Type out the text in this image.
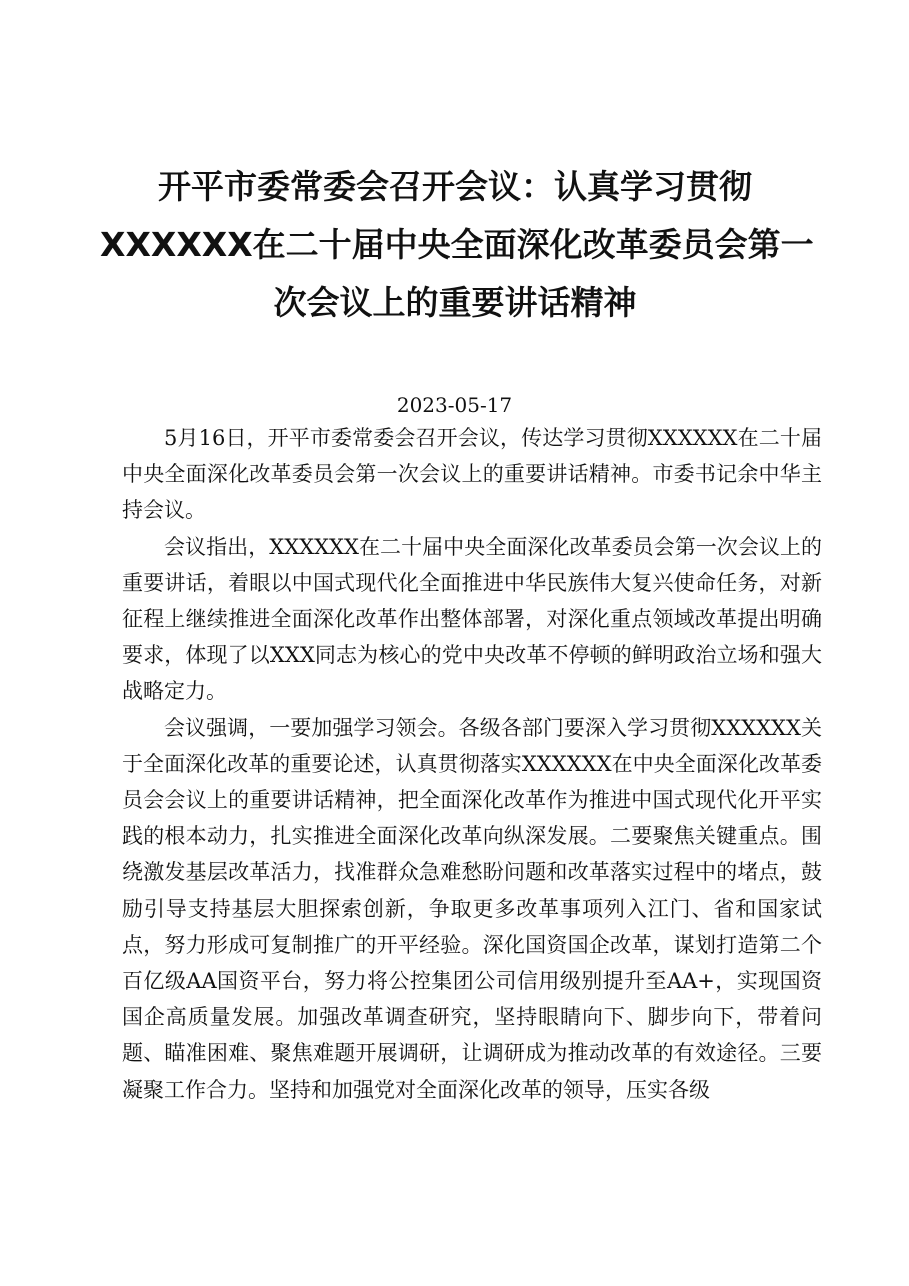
开平市委常委会召开会议：认真学习贯彻
XXXXXX在二十届中央全面深化改革委员会第一
次会议上的重要讲话精神
2023-05-17

5月16日，开平市委常委会召开会议，传达学习贯彻XXXXXX在二十届中央全面深化改革委员会第一次会议上的重要讲话精神。市委书记余中华主持会议。

会议指出，XXXXXX在二十届中央全面深化改革委员会第一次会议上的重要讲话，着眼以中国式现代化全面推进中华民族伟大复兴使命任务，对新征程上继续推进全面深化改革作出整体部署，对深化重点领域改革提出明确要求，体现了以XXX同志为核心的党中央改革不停顿的鲜明政治立场和强大战略定力。

会议强调，一要加强学习领会。各级各部门要深入学习贯彻XXXXXX关于全面深化改革的重要论述，认真贯彻落实XXXXXX在中央全面深化改革委员会会议上的重要讲话精神，把全面深化改革作为推进中国式现代化开平实践的根本动力，扎实推进全面深化改革向纵深发展。二要聚焦关键重点。围绕激发基层改革活力，找准群众急难愁盼问题和改革落实过程中的堵点，鼓励引导支持基层大胆探索创新，争取更多改革事项列入江门、省和国家试点，努力形成可复制推广的开平经验。深化国资国企改革，谋划打造第二个百亿级AA国资平台，努力将公控集团公司信用级别提升至AA+，实现国资国企高质量发展。加强改革调查研究，坚持眼睛向下、脚步向下，带着问题、瞄准困难、聚焦难题开展调研，让调研成为推动改革的有效途径。三要凝聚工作合力。坚持和加强党对全面深化改革的领导，压实各级
